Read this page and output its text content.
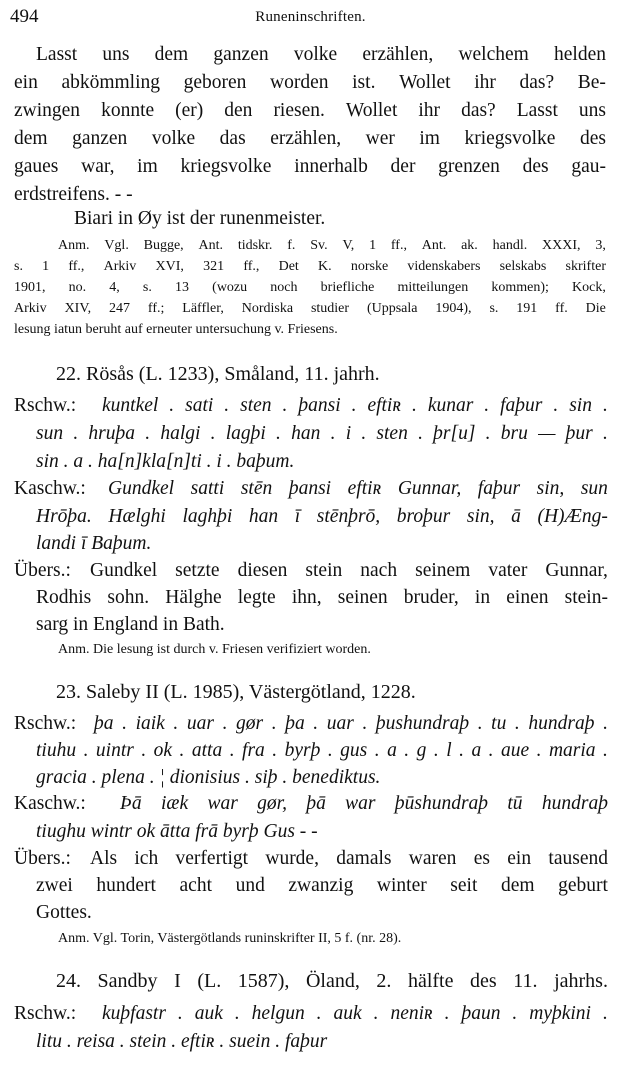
494	Runeninschriften.
Lasst uns dem ganzen volke erzählen, welchem helden
ein abkömmling geboren worden ist. Wollet ihr das? Be-
zwingen konnte (er) den riesen. Wollet ihr das? Lasst uns
dem ganzen volke das erzählen, wer im kriegsvolke des
gaues war, im kriegsvolke innerhalb der grenzen des gau-
erdstreifens. - -
Biari in Øy ist der runenmeister.
Anm. Vgl. Bugge, Ant. tidskr. f. Sv. V, 1 ff., Ant. ak. handl. XXXI, 3,
s. 1 ff., Arkiv XVI, 321 ff., Det K. norske videnskabers selskabs skrifter
1901, no. 4, s. 13 (wozu noch briefliche mitteilungen kommen); Kock,
Arkiv XIV, 247 ff.; Läffler, Nordiska studier (Uppsala 1904), s. 191 ff. Die
lesung iatun beruht auf erneuter untersuchung v. Friesens.
22. Rösås (L. 1233), Småland, 11. jahrh.
Rschw.: kuntkel . sati . sten . þansi . eftiʀ . kunar . faþur . sin .
sun . hruþa . halgi . lagþi . han . i . sten . þr[u] . bru — þur .
sin . a . ha[n]kla[n]ti . i . baþum.
Kaschw.: Gundkel satti stēn þansi eftiʀ Gunnar, faþur sin, sun
Hrōþa. Hælghi laghþi han ī stēnþrō, broþur sin, ā (H)Æng-
landi ī Baþum.
Übers.: Gundkel setzte diesen stein nach seinem vater Gunnar,
Rodhis sohn. Hälghe legte ihn, seinen bruder, in einen stein-
sarg in England in Bath.
Anm. Die lesung ist durch v. Friesen verifiziert worden.
23. Saleby II (L. 1985), Västergötland, 1228.
Rschw.: þa . iaik . uar . gør . þa . uar . þushundraþ . tu . hundraþ .
tiuhu . uintr . ok . atta . fra . byrþ . gus . a . g . l . a . aue . maria .
gracia . plena . ¦ dionisius . siþ . benediktus.
Kaschw.: Þā iæk war gør, þā war þūshundraþ tū hundraþ
tiughu wintr ok ātta frā byrþ Gus - -
Übers.: Als ich verfertigt wurde, damals waren es ein tausend
zwei hundert acht und zwanzig winter seit dem geburt
Gottes.
Anm. Vgl. Torin, Västergötlands runinskrifter II, 5 f. (nr. 28).
24. Sandby I (L. 1587), Öland, 2. hälfte des 11. jahrhs.
Rschw.: kuþfastr . auk . helgun . auk . neniʀ . þaun . myþkini .
litu . reisa . stein . eftiʀ . suein . faþur
